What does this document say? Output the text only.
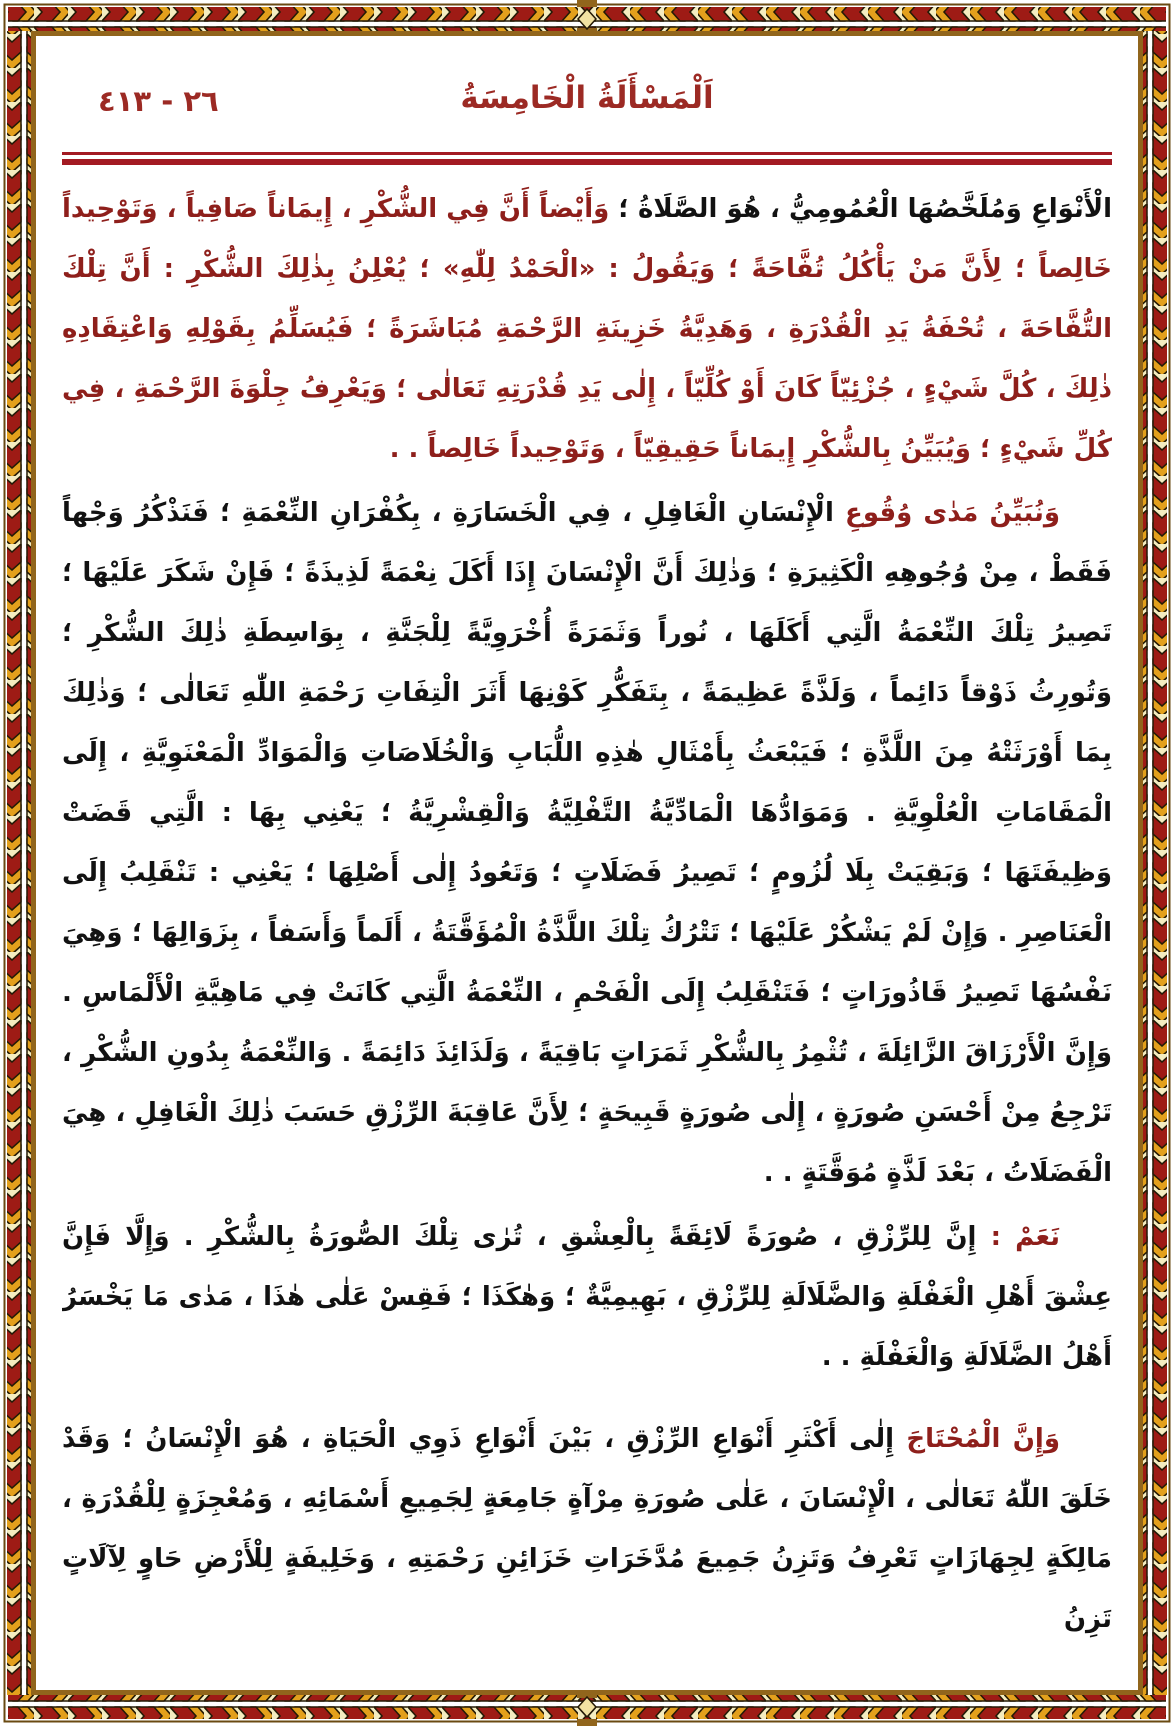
٢٦ - ٤١٣	اَلْمَسْأَلَةُ الْخَامِسَةُ

الْأَنْوَاعِ وَمُلَخَّصُهَا الْعُمُومِيُّ ، هُوَ الصَّلَاةُ ؛ وَأَيْضاً أَنَّ فِي الشُّكْرِ ، إِيمَاناً صَافِياً ، وَتَوْحِيداً خَالِصاً ؛ لِأَنَّ مَنْ يَأْكُلُ تُفَّاحَةً ؛ وَيَقُولُ : «الْحَمْدُ لِلّٰهِ» ؛ يُعْلِنُ بِذٰلِكَ الشُّكْرِ : أَنَّ تِلْكَ التُّفَّاحَةَ ، تُحْفَةُ يَدِ الْقُدْرَةِ ، وَهَدِيَّةُ خَزِينَةِ الرَّحْمَةِ مُبَاشَرَةً ؛ فَيُسَلِّمُ بِقَوْلِهِ وَاعْتِقَادِهِ ذٰلِكَ ، كُلَّ شَيْءٍ ، جُزْئِيّاً كَانَ أَوْ كُلِّيّاً ، إِلٰى يَدِ قُدْرَتِهِ تَعَالٰى ؛ وَيَعْرِفُ جِلْوَةَ الرَّحْمَةِ ، فِي كُلِّ شَيْءٍ ؛ وَيُبَيِّنُ بِالشُّكْرِ إِيمَاناً حَقِيقِيّاً ، وَتَوْحِيداً خَالِصاً . .

وَنُبَيِّنُ مَدٰى وُقُوعِ الْإِنْسَانِ الْغَافِلِ ، فِي الْخَسَارَةِ ، بِكُفْرَانِ النِّعْمَةِ ؛ فَنَذْكُرُ وَجْهاً فَقَطْ ، مِنْ وُجُوهِهِ الْكَثِيرَةِ ؛ وَذٰلِكَ أَنَّ الْإِنْسَانَ إِذَا أَكَلَ نِعْمَةً لَذِيذَةً ؛ فَإِنْ شَكَرَ عَلَيْهَا ؛ تَصِيرُ تِلْكَ النِّعْمَةُ الَّتِي أَكَلَهَا ، نُوراً وَثَمَرَةً أُخْرَوِيَّةً لِلْجَنَّةِ ، بِوَاسِطَةِ ذٰلِكَ الشُّكْرِ ؛ وَتُورِثُ ذَوْقاً دَائِماً ، وَلَذَّةً عَظِيمَةً ، بِتَفَكُّرِ كَوْنِهَا أَثَرَ الْتِفَاتِ رَحْمَةِ اللّٰهِ تَعَالٰى ؛ وَذٰلِكَ بِمَا أَوْرَثَتْهُ مِنَ اللَّذَّةِ ؛ فَيَبْعَثُ بِأَمْثَالِ هٰذِهِ اللُّبَابِ وَالْخُلَاصَاتِ وَالْمَوَادِّ الْمَعْنَوِيَّةِ ، إِلَى الْمَقَامَاتِ الْعُلْوِيَّةِ . وَمَوَادُّهَا الْمَادِّيَّةُ التَّفْلِيَّةُ وَالْقِشْرِيَّةُ ؛ يَعْنِي بِهَا : الَّتِي قَضَتْ وَظِيفَتَهَا ؛ وَبَقِيَتْ بِلَا لُزُومٍ ؛ تَصِيرُ فَضَلَاتٍ ؛ وَتَعُودُ إِلٰى أَصْلِهَا ؛ يَعْنِي : تَنْقَلِبُ إِلَى الْعَنَاصِرِ . وَإِنْ لَمْ يَشْكُرْ عَلَيْهَا ؛ تَتْرُكُ تِلْكَ اللَّذَّةُ الْمُؤَقَّتَةُ ، أَلَماً وَأَسَفاً ، بِزَوَالِهَا ؛ وَهِيَ نَفْسُهَا تَصِيرُ قَاذُورَاتٍ ؛ فَتَنْقَلِبُ إِلَى الْفَحْمِ ، النِّعْمَةُ الَّتِي كَانَتْ فِي مَاهِيَّةِ الْأَلْمَاسِ . وَإِنَّ الْأَرْزَاقَ الزَّائِلَةَ ، تُثْمِرُ بِالشُّكْرِ ثَمَرَاتٍ بَاقِيَةً ، وَلَذَائِذَ دَائِمَةً . وَالنِّعْمَةُ بِدُونِ الشُّكْرِ ، تَرْجِعُ مِنْ أَحْسَنِ صُورَةٍ ، إِلٰى صُورَةٍ قَبِيحَةٍ ؛ لِأَنَّ عَاقِبَةَ الرِّزْقِ حَسَبَ ذٰلِكَ الْغَافِلِ ، هِيَ الْفَضَلَاتُ ، بَعْدَ لَذَّةٍ مُوَقَّتَةٍ . .

نَعَمْ : إِنَّ لِلرِّزْقِ ، صُورَةً لَائِقَةً بِالْعِشْقِ ، تُرٰى تِلْكَ الصُّورَةُ بِالشُّكْرِ . وَإِلَّا فَإِنَّ عِشْقَ أَهْلِ الْغَفْلَةِ وَالضَّلَالَةِ لِلرِّزْقِ ، بَهِيمِيَّةٌ ؛ وَهٰكَذَا ؛ فَقِسْ عَلٰى هٰذَا ، مَدٰى مَا يَخْسَرُ أَهْلُ الضَّلَالَةِ وَالْغَفْلَةِ . .

وَإِنَّ الْمُحْتَاجَ إِلٰى أَكْثَرِ أَنْوَاعِ الرِّزْقِ ، بَيْنَ أَنْوَاعِ ذَوِي الْحَيَاةِ ، هُوَ الْإِنْسَانُ ؛ وَقَدْ خَلَقَ اللّٰهُ تَعَالٰى ، الْإِنْسَانَ ، عَلٰى صُورَةِ مِرْآةٍ جَامِعَةٍ لِجَمِيعِ أَسْمَائِهِ ، وَمُعْجِزَةٍ لِلْقُدْرَةِ ، مَالِكَةٍ لِجِهَازَاتٍ تَعْرِفُ وَتَزِنُ جَمِيعَ مُدَّخَرَاتِ خَزَائِنِ رَحْمَتِهِ ، وَخَلِيفَةٍ لِلْأَرْضِ حَاوٍ لِآلَاتٍ تَزِنُ
